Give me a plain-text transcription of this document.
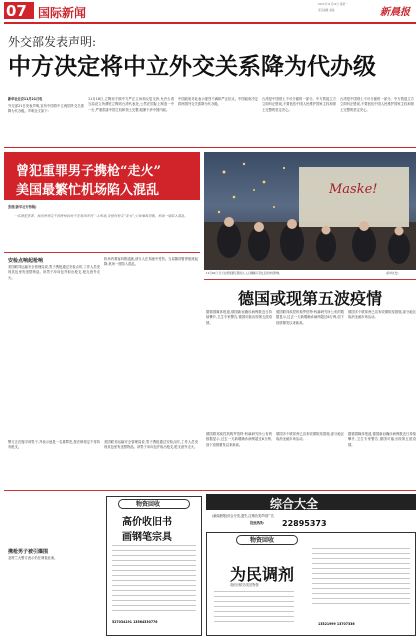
07 国际新闻
2021年11月22日 星期一
责任编辑 美编	新晨报
外交部发表声明:
中方决定将中立外交关系降为代办级
新华社北京11月21日电
外交部21日发表声明,宣布中国将中立两国外交关系降为代办级。声明全文如下:
11月18日,立陶宛不顾中方严正立场和反复交涉,允许台湾当局设立所谓驻立陶宛台湾代表处,公然在国际上制造一中一台,严重损害中国主权和领土完整,粗暴干涉中国内政。
中国政府对此表示强烈不满和严正抗议。中国政府决定将两国外交关系降为代办级。
台湾是中国领土不可分割的一部分。中方敦促立方立即纠正错误,不要低估中国人民维护国家主权和领土完整的坚定决心。
台湾是中国领土不可分割的一部分。中方敦促立方立即纠正错误,不要低估中国人民维护国家主权和领土完整的坚定决心。
曾犯重罪男子携枪“走火”
美国最繁忙机场陷入混乱
张建(新华社专特稿)
一名曾犯重罪、按法律规定不得持枪的男子在美国亚特兰大机场,安检时枪支“走火”,引发乘客恐慌、机场一度陷入混乱。
安检点响起枪响
美国联邦运输安全管理局说,男子携枪通过安检点时,工作人员发现其包里有违禁物品。该男子冲向包并取出枪支,枪支意外走火。
机场内乘客四散逃跑,部分人在奔跑中受伤。当局随即暂停航班起降,机场一度陷入混乱。
警方正在搜寻该男子,并表示他是一名重罪犯,按法律规定不得持有枪支。
美国联邦运输安全管理局说,男子携枪通过安检点时,工作人员发现其包里有违禁物品。该男子冲向包并取出枪支,枪支意外走火。
携枪男子被引爆围
亚特兰大警方表示仍在调查此案。
Maske!
11月20日,当天在德国慕尼黑街头,人们佩戴口罩在圣诞市场购物。	(新华社发)
德国或现第五波疫情
据德国媒体报道,德国新冠确诊病例数近日持续攀升,卫生专家警告,德国可能出现第五波疫情。
德国联邦疾控机构罗伯特·科赫研究所公布的数据显示,过去一天新增确诊病例超过6万例,创下疫情暴发以来新高。
德国多个联邦州已宣布收紧防疫措施,部分地区取消圣诞市场活动。
德国联邦疾控机构罗伯特·科赫研究所公布的数据显示,过去一天新增确诊病例超过6万例,创下疫情暴发以来新高。
德国多个联邦州已宣布收紧防疫措施,部分地区取消圣诞市场活动。
据德国媒体报道,德国新冠确诊病例数近日持续攀升,卫生专家警告,德国可能出现第五波疫情。
物资回收
高价收旧书
画钢笔宗具
527034191 13564330776
综合大全
(新闻晨报)综合分类,遗失,注销各类声明广告
投放热线: 22895373
物资回收
为民调剂
高价回收各类旧物资
13521999 13707336
